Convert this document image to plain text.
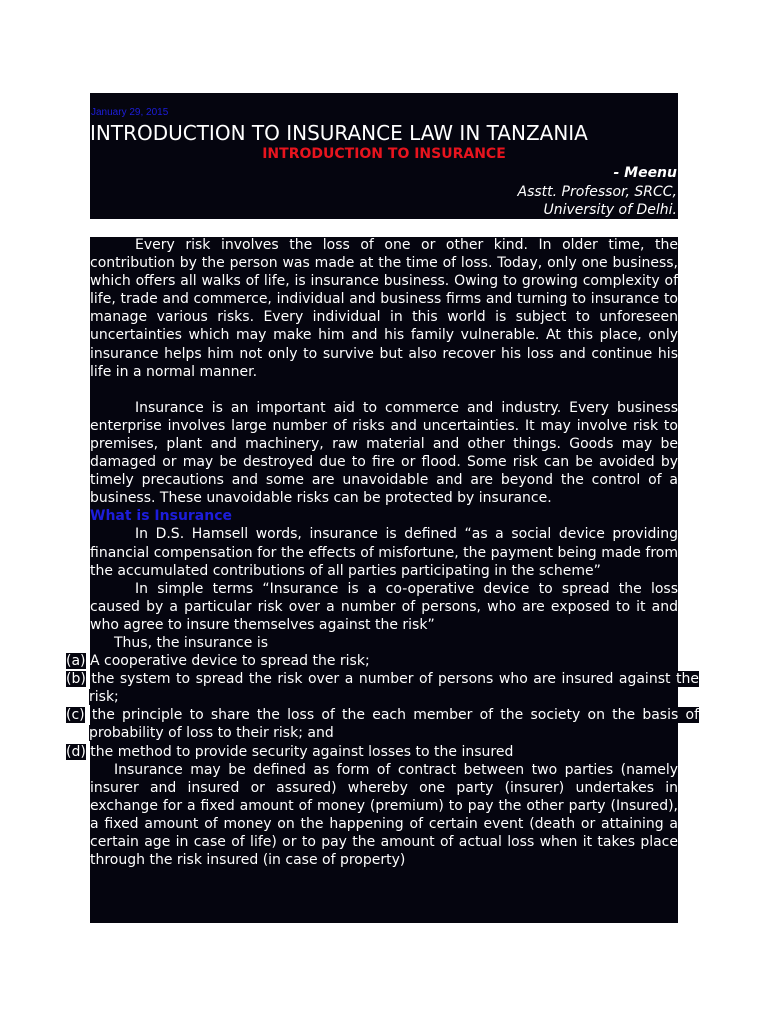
January 29, 2015
INTRODUCTION TO INSURANCE LAW IN TANZANIA
INTRODUCTION TO INSURANCE
- Meenu
Asstt. Professor, SRCC,
University of Delhi.

Every risk involves the loss of one or other kind. In older time, the contribution by the person was made at the time of loss. Today, only one business, which offers all walks of life, is insurance business. Owing to growing complexity of life, trade and commerce, individual and business firms and turning to insurance to manage various risks. Every individual in this world is subject to unforeseen uncertainties which may make him and his family vulnerable. At this place, only insurance helps him not only to survive but also recover his loss and continue his life in a normal manner.

Insurance is an important aid to commerce and industry. Every business enterprise involves large number of risks and uncertainties. It may involve risk to premises, plant and machinery, raw material and other things. Goods may be damaged or may be destroyed due to fire or flood. Some risk can be avoided by timely precautions and some are unavoidable and are beyond the control of a business. These unavoidable risks can be protected by insurance.

What is Insurance

In D.S. Hamsell words, insurance is defined “as a social device providing financial compensation for the effects of misfortune, the payment being made from the accumulated contributions of all parties participating in the scheme”

In simple terms “Insurance is a co-operative device to spread the loss caused by a particular risk over a number of persons, who are exposed to it and who agree to insure themselves against the risk”

Thus, the insurance is

(a) A cooperative device to spread the risk;

(b) the system to spread the risk over a number of persons who are insured against the risk;

(c) the principle to share the loss of the each member of the society on the basis of probability of loss to their risk; and

(d) the method to provide security against losses to the insured

Insurance may be defined as form of contract between two parties (namely insurer and insured or assured) whereby one party (insurer) undertakes in exchange for a fixed amount of money (premium) to pay the other party (Insured), a fixed amount of money on the happening of certain event (death or attaining a certain age in case of life) or to pay the amount of actual loss when it takes place through the risk insured (in case of property)
